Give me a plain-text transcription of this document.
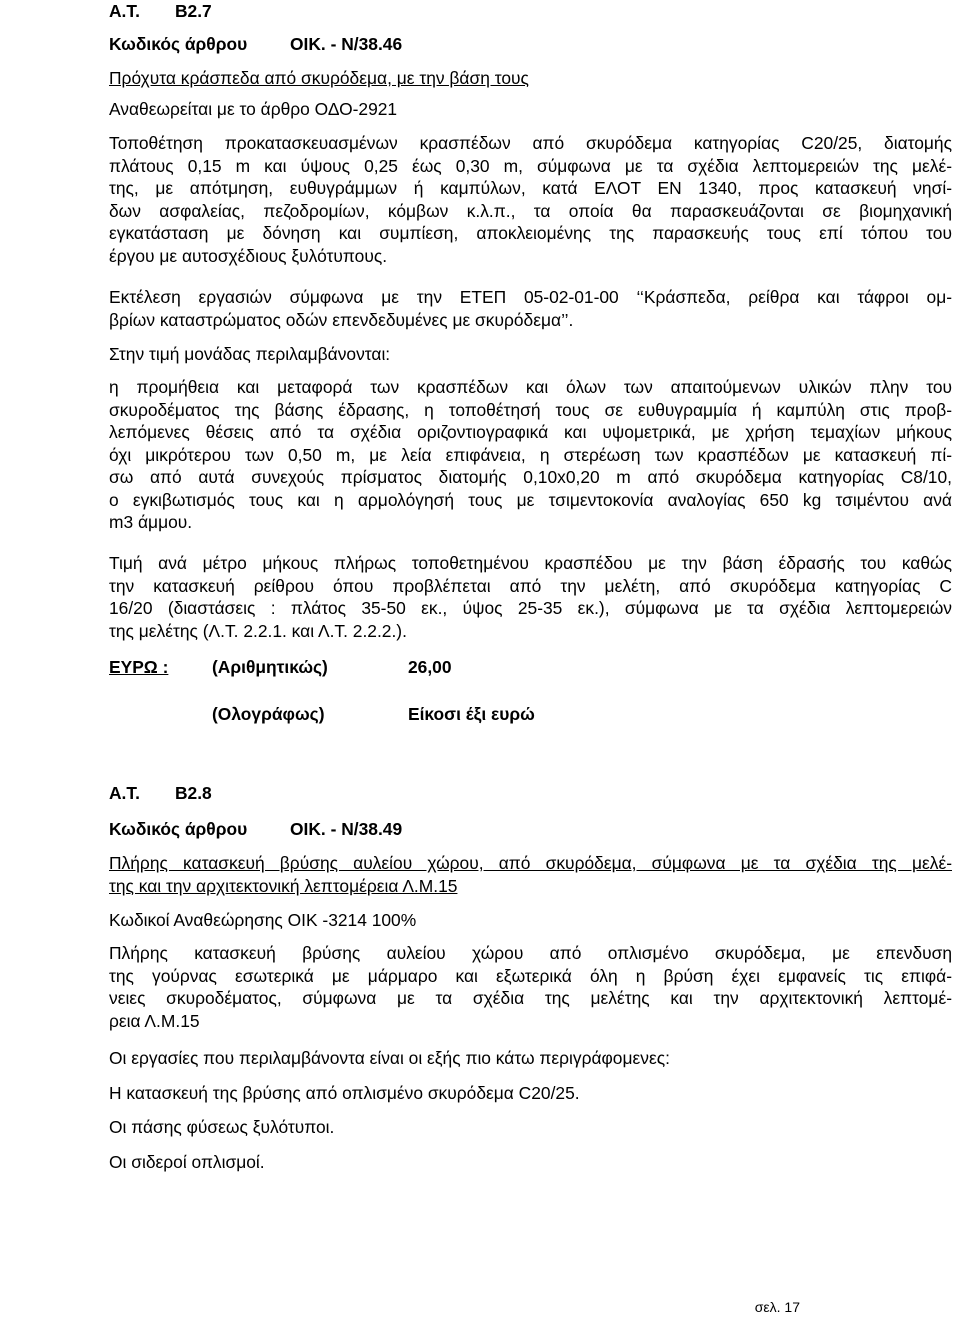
Α.Τ. Β2.7
Κωδικός άρθρου ΟΙΚ. - Ν/38.46
Πρόχυτα κράσπεδα από σκυρόδεμα, με την βάση τους
Αναθεωρείται με το άρθρο ΟΔΟ-2921
Τοποθέτηση προκατασκευασμένων κρασπέδων από σκυρόδεμα κατηγορίας C20/25, διατομής
πλάτους 0,15 m και ύψους 0,25 έως 0,30 m, σύμφωνα με τα σχέδια λεπτομερειών της μελέ-
της, με απότμηση, ευθυγράμμων ή καμπύλων, κατά ΕΛΟΤ ΕΝ 1340, προς κατασκευή νησί-
δων ασφαλείας, πεζοδρομίων, κόμβων κ.λ.π., τα οποία θα παρασκευάζονται σε βιομηχανική
εγκατάσταση με δόνηση και συμπίεση, αποκλειομένης της παρασκευής τους επί τόπου του
έργου με αυτοσχέδιους ξυλότυπους.
Εκτέλεση εργασιών σύμφωνα με την ΕΤΕΠ 05-02-01-00 ‘‘Κράσπεδα, ρείθρα και τάφροι ομ-
βρίων καταστρώματος οδών επενδεδυμένες με σκυρόδεμα’’.
Στην τιμή μονάδας περιλαμβάνονται:
η προμήθεια και μεταφορά των κρασπέδων και όλων των απαιτούμενων υλικών πλην του
σκυροδέματος της βάσης έδρασης, η τοποθέτησή τους σε ευθυγραμμία ή καμπύλη στις προβ-
λεπόμενες θέσεις από τα σχέδια οριζοντιογραφικά και υψομετρικά, με χρήση τεμαχίων μήκους
όχι μικρότερου των 0,50 m, με λεία επιφάνεια, η στερέωση των κρασπέδων με κατασκευή πί-
σω από αυτά συνεχούς πρίσματος διατομής 0,10x0,20 m από σκυρόδεμα κατηγορίας C8/10,
ο εγκιβωτισμός τους και η αρμολόγησή τους με τσιμεντοκονία αναλογίας 650 kg τσιμέντου ανά
m3 άμμου.
Τιμή ανά μέτρο μήκους πλήρως τοποθετημένου κρασπέδου με την βάση έδρασής του καθώς
την κατασκευή ρείθρου όπου προβλέπεται από την μελέτη, από σκυρόδεμα κατηγορίας C
16/20 (διαστάσεις : πλάτος 35-50 εκ., ύψος 25-35 εκ.), σύμφωνα με τα σχέδια λεπτομερειών
της μελέτης (Λ.Τ. 2.2.1. και Λ.Τ. 2.2.2.).
ΕΥΡΩ :	(Αριθμητικώς)	26,00
(Ολογράφως)	Είκοσι έξι ευρώ
Α.Τ. Β2.8
Κωδικός άρθρου ΟΙΚ. - Ν/38.49
Πλήρης κατασκευή βρύσης αυλείου χώρου, από σκυρόδεμα, σύμφωνα με τα σχέδια της μελέ-
της και την αρχιτεκτονική λεπτομέρεια Λ.Μ.15
Κωδικοί Αναθεώρησης ΟΙΚ -3214 100%
Πλήρης κατασκευή βρύσης αυλείου χώρου από οπλισμένο σκυρόδεμα, με επενδυση
της γούρνας εσωτερικά με μάρμαρο και εξωτερικά όλη η βρύση έχει εμφανείς τις επιφά-
νειες σκυροδέματος, σύμφωνα με τα σχέδια της μελέτης και την αρχιτεκτονική λεπτομέ-
ρεια Λ.Μ.15
Οι εργασίες που περιλαμβάνοντα είναι οι εξής πιο κάτω περιγράφομενες:
Η κατασκευή της βρύσης από οπλισμένο σκυρόδεμα C20/25.
Οι πάσης φύσεως ξυλότυποι.
Οι σιδεροί οπλισμοί.
σελ. 17
